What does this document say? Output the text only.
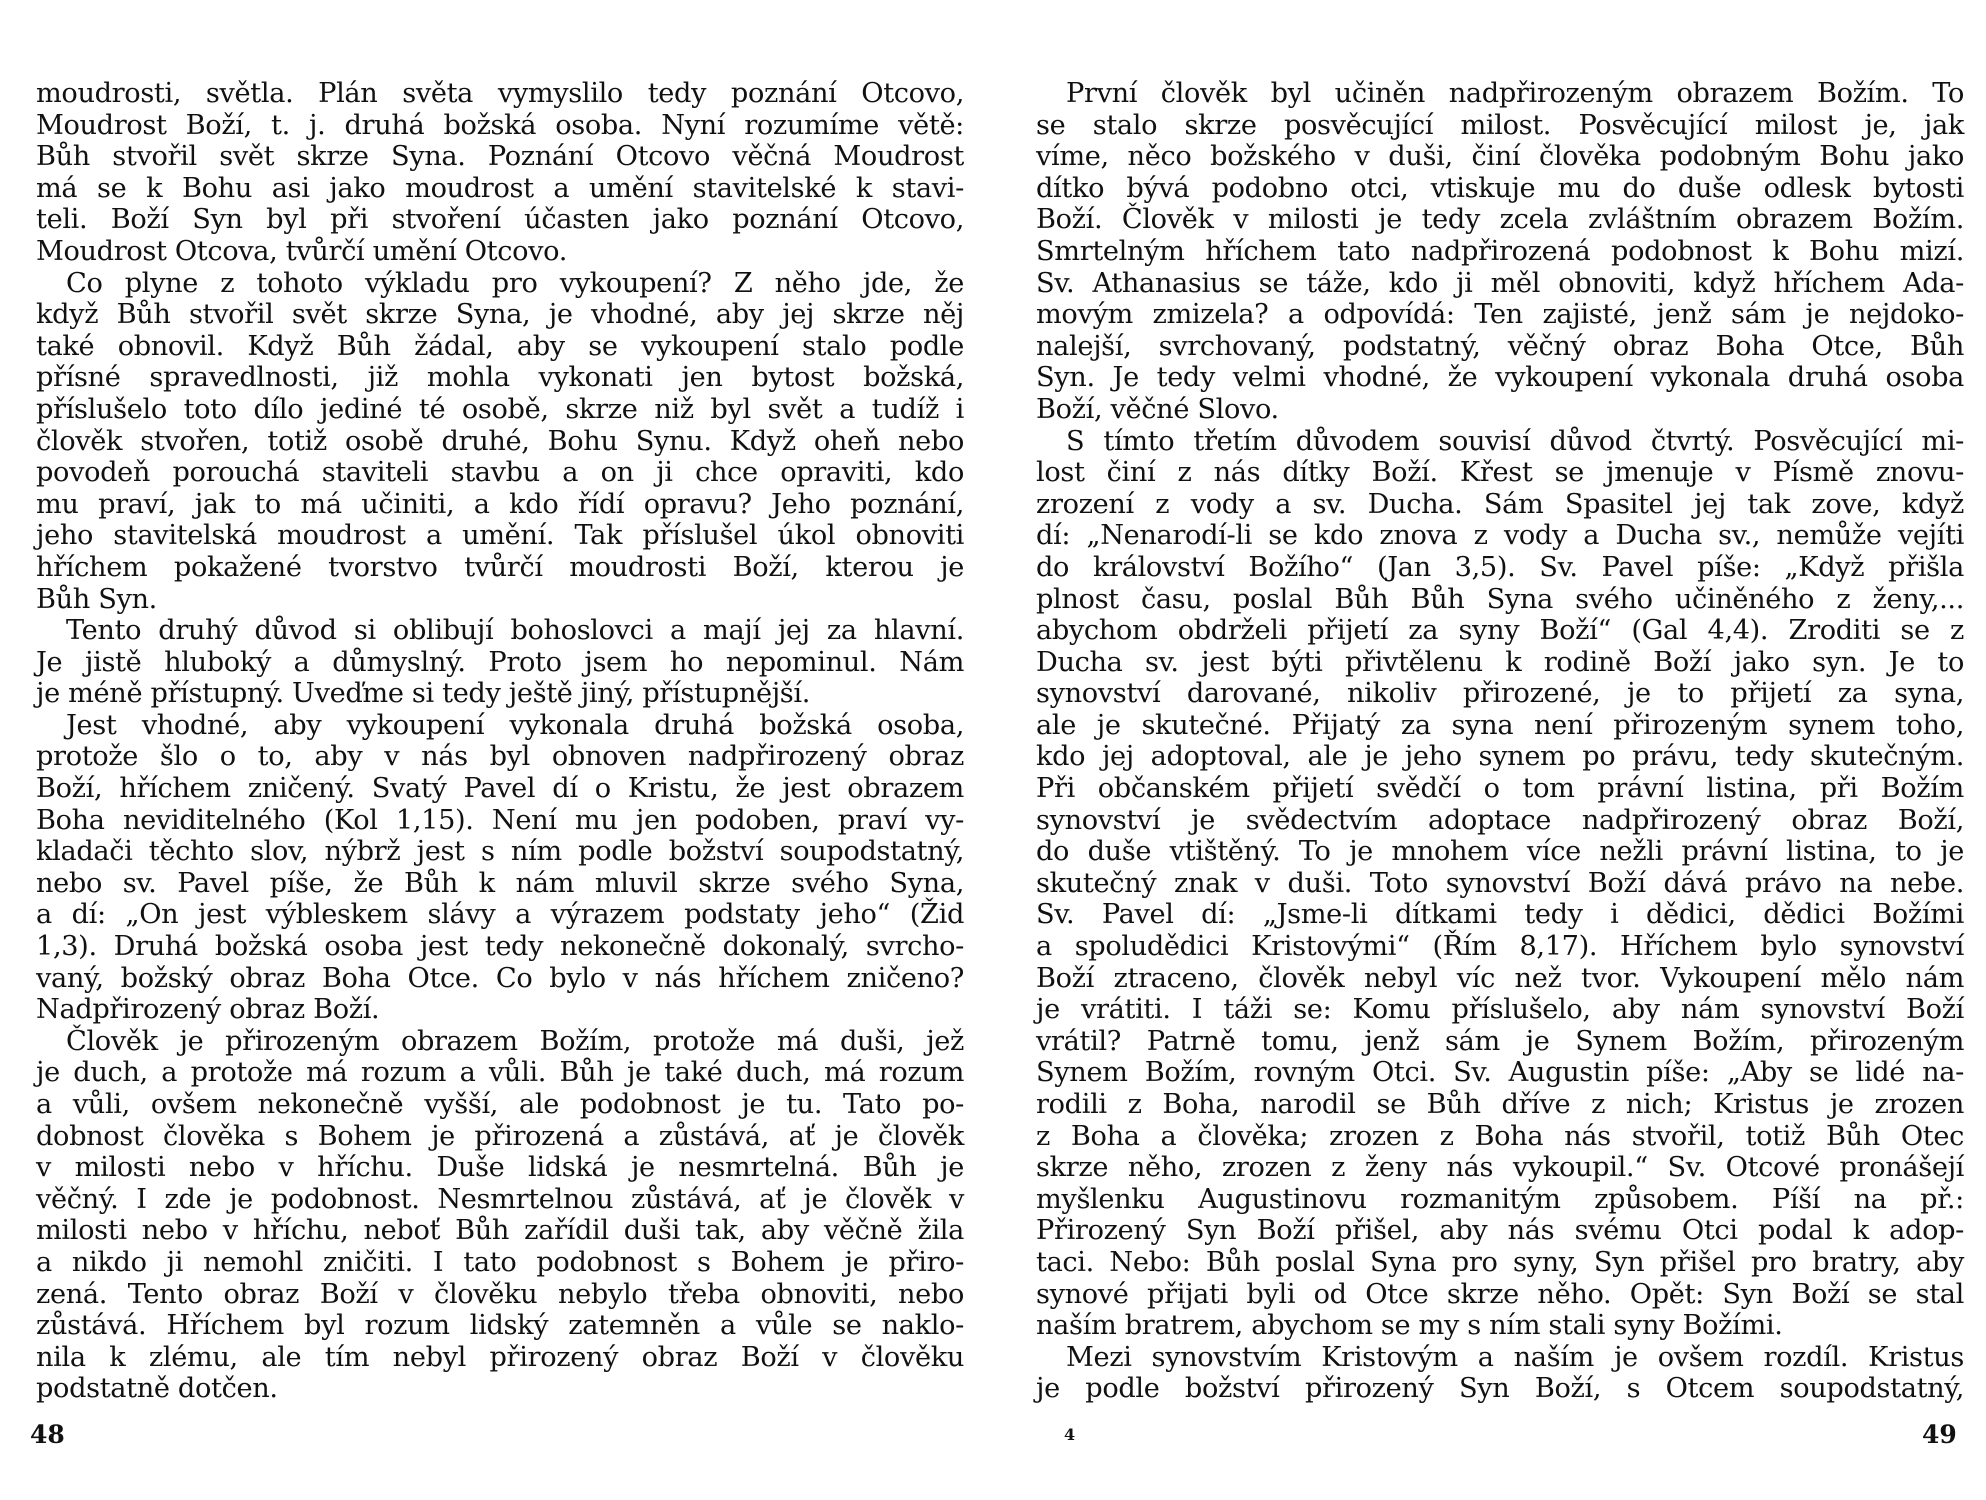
moudrosti, světla. Plán světa vymyslilo tedy poznání Otcovo,
Moudrost Boží, t. j. druhá božská osoba. Nyní rozumíme větě:
Bůh stvořil svět skrze Syna. Poznání Otcovo věčná Moudrost
má se k Bohu asi jako moudrost a umění stavitelské k stavi-
teli. Boží Syn byl při stvoření účasten jako poznání Otcovo,
Moudrost Otcova, tvůrčí umění Otcovo.
Co plyne z tohoto výkladu pro vykoupení? Z něho jde, že
když Bůh stvořil svět skrze Syna, je vhodné, aby jej skrze něj
také obnovil. Když Bůh žádal, aby se vykoupení stalo podle
přísné spravedlnosti, již mohla vykonati jen bytost božská,
příslušelo toto dílo jediné té osobě, skrze niž byl svět a tudíž i
člověk stvořen, totiž osobě druhé, Bohu Synu. Když oheň nebo
povodeň porouchá staviteli stavbu a on ji chce opraviti, kdo
mu praví, jak to má učiniti, a kdo řídí opravu? Jeho poznání,
jeho stavitelská moudrost a umění. Tak příslušel úkol obnoviti
hříchem pokažené tvorstvo tvůrčí moudrosti Boží, kterou je
Bůh Syn.
Tento druhý důvod si oblibují bohoslovci a mají jej za hlavní.
Je jistě hluboký a důmyslný. Proto jsem ho nepominul. Nám
je méně přístupný. Uveďme si tedy ještě jiný, přístupnější.
Jest vhodné, aby vykoupení vykonala druhá božská osoba,
protože šlo o to, aby v nás byl obnoven nadpřirozený obraz
Boží, hříchem zničený. Svatý Pavel dí o Kristu, že jest obrazem
Boha neviditelného (Kol 1,15). Není mu jen podoben, praví vy-
kladači těchto slov, nýbrž jest s ním podle božství soupodstatný,
nebo sv. Pavel píše, že Bůh k nám mluvil skrze svého Syna,
a dí: „On jest výbleskem slávy a výrazem podstaty jeho“ (Žid
1,3). Druhá božská osoba jest tedy nekonečně dokonalý, svrcho-
vaný, božský obraz Boha Otce. Co bylo v nás hříchem zničeno?
Nadpřirozený obraz Boží.
Člověk je přirozeným obrazem Božím, protože má duši, jež
je duch, a protože má rozum a vůli. Bůh je také duch, má rozum
a vůli, ovšem nekonečně vyšší, ale podobnost je tu. Tato po-
dobnost člověka s Bohem je přirozená a zůstává, ať je člověk
v milosti nebo v hříchu. Duše lidská je nesmrtelná. Bůh je
věčný. I zde je podobnost. Nesmrtelnou zůstává, ať je člověk v
milosti nebo v hříchu, neboť Bůh zařídil duši tak, aby věčně žila
a nikdo ji nemohl zničiti. I tato podobnost s Bohem je přiro-
zená. Tento obraz Boží v člověku nebylo třeba obnoviti, nebo
zůstává. Hříchem byl rozum lidský zatemněn a vůle se naklo-
nila k zlému, ale tím nebyl přirozený obraz Boží v člověku
podstatně dotčen.
První člověk byl učiněn nadpřirozeným obrazem Božím. To
se stalo skrze posvěcující milost. Posvěcující milost je, jak
víme, něco božského v duši, činí člověka podobným Bohu jako
dítko bývá podobno otci, vtiskuje mu do duše odlesk bytosti
Boží. Člověk v milosti je tedy zcela zvláštním obrazem Božím.
Smrtelným hříchem tato nadpřirozená podobnost k Bohu mizí.
Sv. Athanasius se táže, kdo ji měl obnoviti, když hříchem Ada-
movým zmizela? a odpovídá: Ten zajisté, jenž sám je nejdoko-
nalejší, svrchovaný, podstatný, věčný obraz Boha Otce, Bůh
Syn. Je tedy velmi vhodné, že vykoupení vykonala druhá osoba
Boží, věčné Slovo.
S tímto třetím důvodem souvisí důvod čtvrtý. Posvěcující mi-
lost činí z nás dítky Boží. Křest se jmenuje v Písmě znovu-
zrození z vody a sv. Ducha. Sám Spasitel jej tak zove, když
dí: „Nenarodí-li se kdo znova z vody a Ducha sv., nemůže vejíti
do království Božího“ (Jan 3,5). Sv. Pavel píše: „Když přišla
plnost času, poslal Bůh Bůh Syna svého učiněného z ženy,...
abychom obdrželi přijetí za syny Boží“ (Gal 4,4). Zroditi se z
Ducha sv. jest býti přivtělenu k rodině Boží jako syn. Je to
synovství darované, nikoliv přirozené, je to přijetí za syna,
ale je skutečné. Přijatý za syna není přirozeným synem toho,
kdo jej adoptoval, ale je jeho synem po právu, tedy skutečným.
Při občanském přijetí svědčí o tom právní listina, při Božím
synovství je svědectvím adoptace nadpřirozený obraz Boží,
do duše vtištěný. To je mnohem více nežli právní listina, to je
skutečný znak v duši. Toto synovství Boží dává právo na nebe.
Sv. Pavel dí: „Jsme-li dítkami tedy i dědici, dědici Božími
a spoludědici Kristovými“ (Řím 8,17). Hříchem bylo synovství
Boží ztraceno, člověk nebyl víc než tvor. Vykoupení mělo nám
je vrátiti. I táži se: Komu příslušelo, aby nám synovství Boží
vrátil? Patrně tomu, jenž sám je Synem Božím, přirozeným
Synem Božím, rovným Otci. Sv. Augustin píše: „Aby se lidé na-
rodili z Boha, narodil se Bůh dříve z nich; Kristus je zrozen
z Boha a člověka; zrozen z Boha nás stvořil, totiž Bůh Otec
skrze něho, zrozen z ženy nás vykoupil.“ Sv. Otcové pronášejí
myšlenku Augustinovu rozmanitým způsobem. Píší na př.:
Přirozený Syn Boží přišel, aby nás svému Otci podal k adop-
taci. Nebo: Bůh poslal Syna pro syny, Syn přišel pro bratry, aby
synové přijati byli od Otce skrze něho. Opět: Syn Boží se stal
naším bratrem, abychom se my s ním stali syny Božími.
Mezi synovstvím Kristovým a naším je ovšem rozdíl. Kristus
je podle božství přirozený Syn Boží, s Otcem soupodstatný,
48	4	49
